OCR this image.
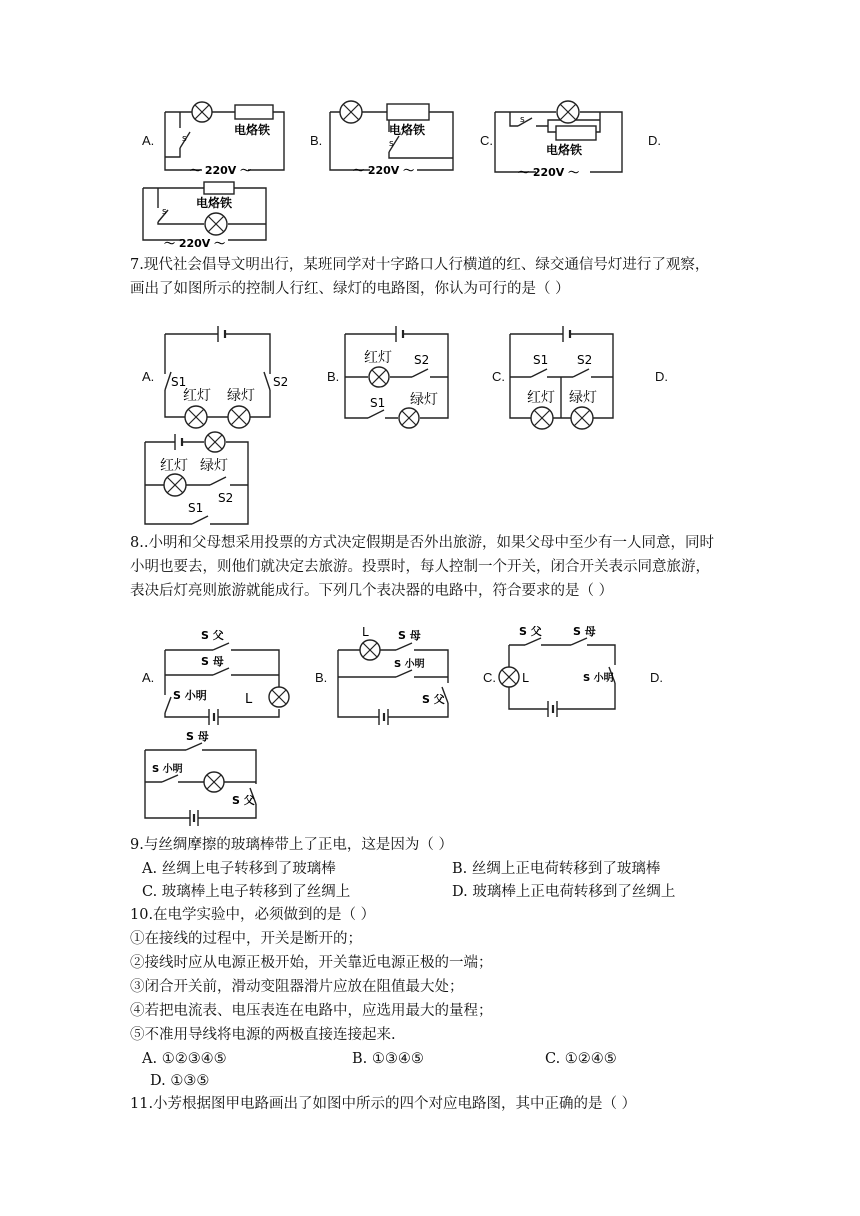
A.	s
电烙铁
～ 220V ～
B.	s
电烙铁
～ 220V ～
C.
s
电烙铁
～ 220V ～
D.
s
电烙铁
～ 220V ～
7.现代社会倡导文明出行，某班同学对十字路口人行横道的红、绿交通信号灯进行了观察，
画出了如图所示的控制人行红、绿灯的电路图，你认为可行的是（ ）
A. S1	S2
红灯 绿灯
B.
红灯 S2
S1 绿灯
C.
S1 S2
红灯 绿灯
D.
红灯 绿灯
S2
S1
8..小明和父母想采用投票的方式决定假期是否外出旅游，如果父母中至少有一人同意，同时
小明也要去，则他们就决定去旅游。投票时，每人控制一个开关，闭合开关表示同意旅游，
表决后灯亮则旅游就能成行。下列几个表决器的电路中，符合要求的是（ ）
A.
S 父
S 母
S 小明	L
B.
L	S 母
S 小明
S 父
C.
S 父	S 母
L	S 小明	D.
S 母
S 小明
S 父
9.与丝绸摩擦的玻璃棒带上了正电，这是因为（ ）
A. 丝绸上电子转移到了玻璃棒	B. 丝绸上正电荷转移到了玻璃棒
C. 玻璃棒上电子转移到了丝绸上	D. 玻璃棒上正电荷转移到了丝绸上
10.在电学实验中，必须做到的是（ ）
①在接线的过程中，开关是断开的；
②接线时应从电源正极开始，开关靠近电源正极的一端；
③闭合开关前，滑动变阻器滑片应放在阻值最大处；
④若把电流表、电压表连在电路中，应选用最大的量程；
⑤不准用导线将电源的两极直接连接起来.
A. ①②③④⑤	B. ①③④⑤	C. ①②④⑤
D. ①③⑤
11.小芳根据图甲电路画出了如图中所示的四个对应电路图，其中正确的是（ ）
